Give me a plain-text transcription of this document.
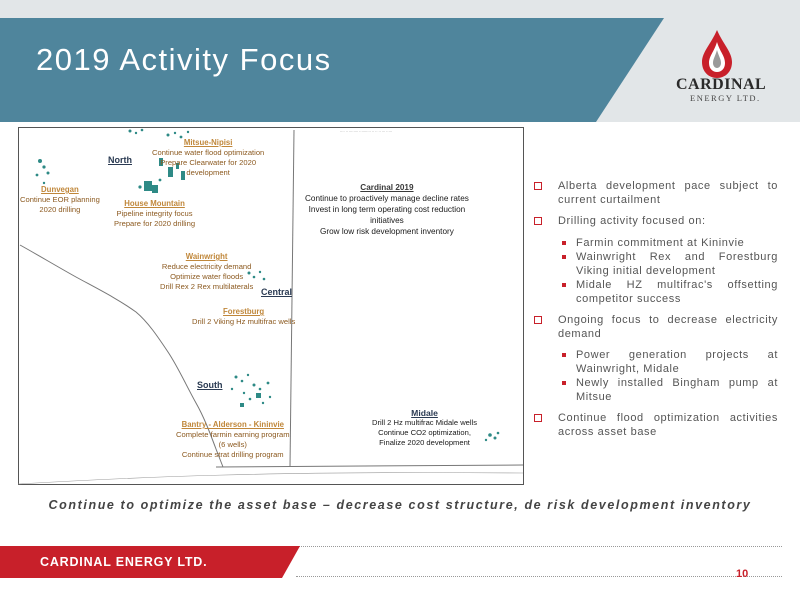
2019 Activity Focus
CARDINAL
ENERGY LTD.
···· ·· ········ ·········· ·· ·· ·· ··· ·····
North
Central
South
Mitsue-Nipisi
Continue water flood optimization
Prepare Clearwater for 2020
development
Dunvegan
Continue EOR planning
2020 drilling
House Mountain
Pipeline integrity focus
Prepare for 2020 drilling
Wainwright
Reduce electricity demand
Optimize water floods
Drill Rex 2 Rex multilaterals
Forestburg
Drill 2 Viking Hz multifrac wells
Bantry - Alderson - Kininvie
Complete farmin earning program
(6 wells)
Continue strat drilling program
Cardinal 2019
Continue to proactively manage decline rates
Invest in long term operating cost reduction
initiatives
Grow low risk development inventory
Midale
Drill 2 Hz multifrac Midale wells
Continue CO2 optimization,
Finalize 2020 development
Alberta development pace subject to current curtailment
Drilling activity focused on:
Farmin commitment at Kininvie
Wainwright Rex and Forestburg Viking initial development
Midale HZ multifrac's offsetting competitor success
Ongoing focus to decrease electricity demand
Power generation projects at Wainwright, Midale
Newly installed Bingham pump at Mitsue
Continue flood optimization activities across asset base
Continue to optimize the asset base – decrease cost structure, de risk development inventory
CARDINAL ENERGY LTD.
10
